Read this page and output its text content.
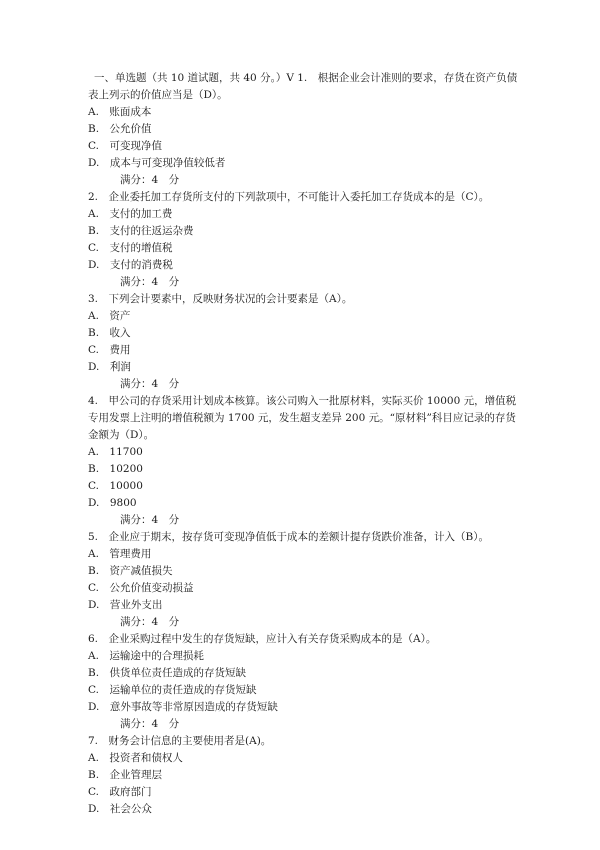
一、单选题（共 10 道试题，共 40 分。）V 1.　根据企业会计准则的要求，存货在资产负债表上列示的价值应当是（D）。
A.　账面成本
B.　公允价值
C.　可变现净值
D.　成本与可变现净值较低者
满分：4　分
2.　企业委托加工存货所支付的下列款项中，不可能计入委托加工存货成本的是（C）。
A.　支付的加工费
B.　支付的往返运杂费
C.　支付的增值税
D.　支付的消费税
满分：4　分
3.　下列会计要素中，反映财务状况的会计要素是（A）。
A.　资产
B.　收入
C.　费用
D.　利润
满分：4　分
4.　甲公司的存货采用计划成本核算。该公司购入一批原材料，实际买价 10000 元，增值税专用发票上注明的增值税额为 1700 元，发生超支差异 200 元。“原材料”科目应记录的存货金额为（D）。
A.　11700
B.　10200
C.　10000
D.　9800
满分：4　分
5.　企业应于期末，按存货可变现净值低于成本的差额计提存货跌价准备，计入（B）。
A.　管理费用
B.　资产减值损失
C.　公允价值变动损益
D.　营业外支出
满分：4　分
6.　企业采购过程中发生的存货短缺，应计入有关存货采购成本的是（A）。
A.　运输途中的合理损耗
B.　供货单位责任造成的存货短缺
C.　运输单位的责任造成的存货短缺
D.　意外事故等非常原因造成的存货短缺
满分：4　分
7.　财务会计信息的主要使用者是(A)。
A.　投资者和债权人
B.　企业管理层
C.　政府部门
D.　社会公众
